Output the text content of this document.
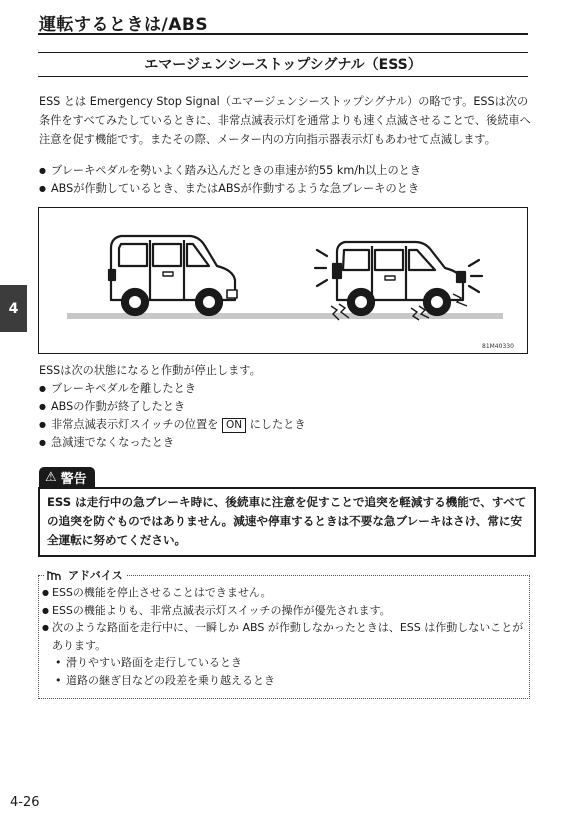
運転するときは/ABS
エマージェンシーストップシグナル（ESS）
ESS とは Emergency Stop Signal（エマージェンシーストップシグナル）の略です。ESSは次の条件をすべてみたしているときに、非常点滅表示灯を通常よりも速く点滅させることで、後続車へ注意を促す機能です。またその際、メーター内の方向指示器表示灯もあわせて点滅します。
● ブレーキペダルを勢いよく踏み込んだときの車速が約55 km/h以上のとき
● ABSが作動しているとき、またはABSが作動するような急ブレーキのとき
81M40330
4
ESSは次の状態になると作動が停止します。
● ブレーキペダルを離したとき
● ABSの作動が終了したとき
● 非常点滅表示灯スイッチの位置を ON にしたとき
● 急減速でなくなったとき
⚠ 警告
ESS は走行中の急ブレーキ時に、後続車に注意を促すことで追突を軽減する機能で、すべての追突を防ぐものではありません。減速や停車するときは不要な急ブレーキはさけ、常に安全運転に努めてください。
アドバイス
● ESSの機能を停止させることはできません。
● ESSの機能よりも、非常点滅表示灯スイッチの操作が優先されます。
● 次のような路面を走行中に、一瞬しか ABS が作動しなかったときは、ESS は作動しないことがあります。
• 滑りやすい路面を走行しているとき
• 道路の継ぎ目などの段差を乗り越えるとき
4-26
